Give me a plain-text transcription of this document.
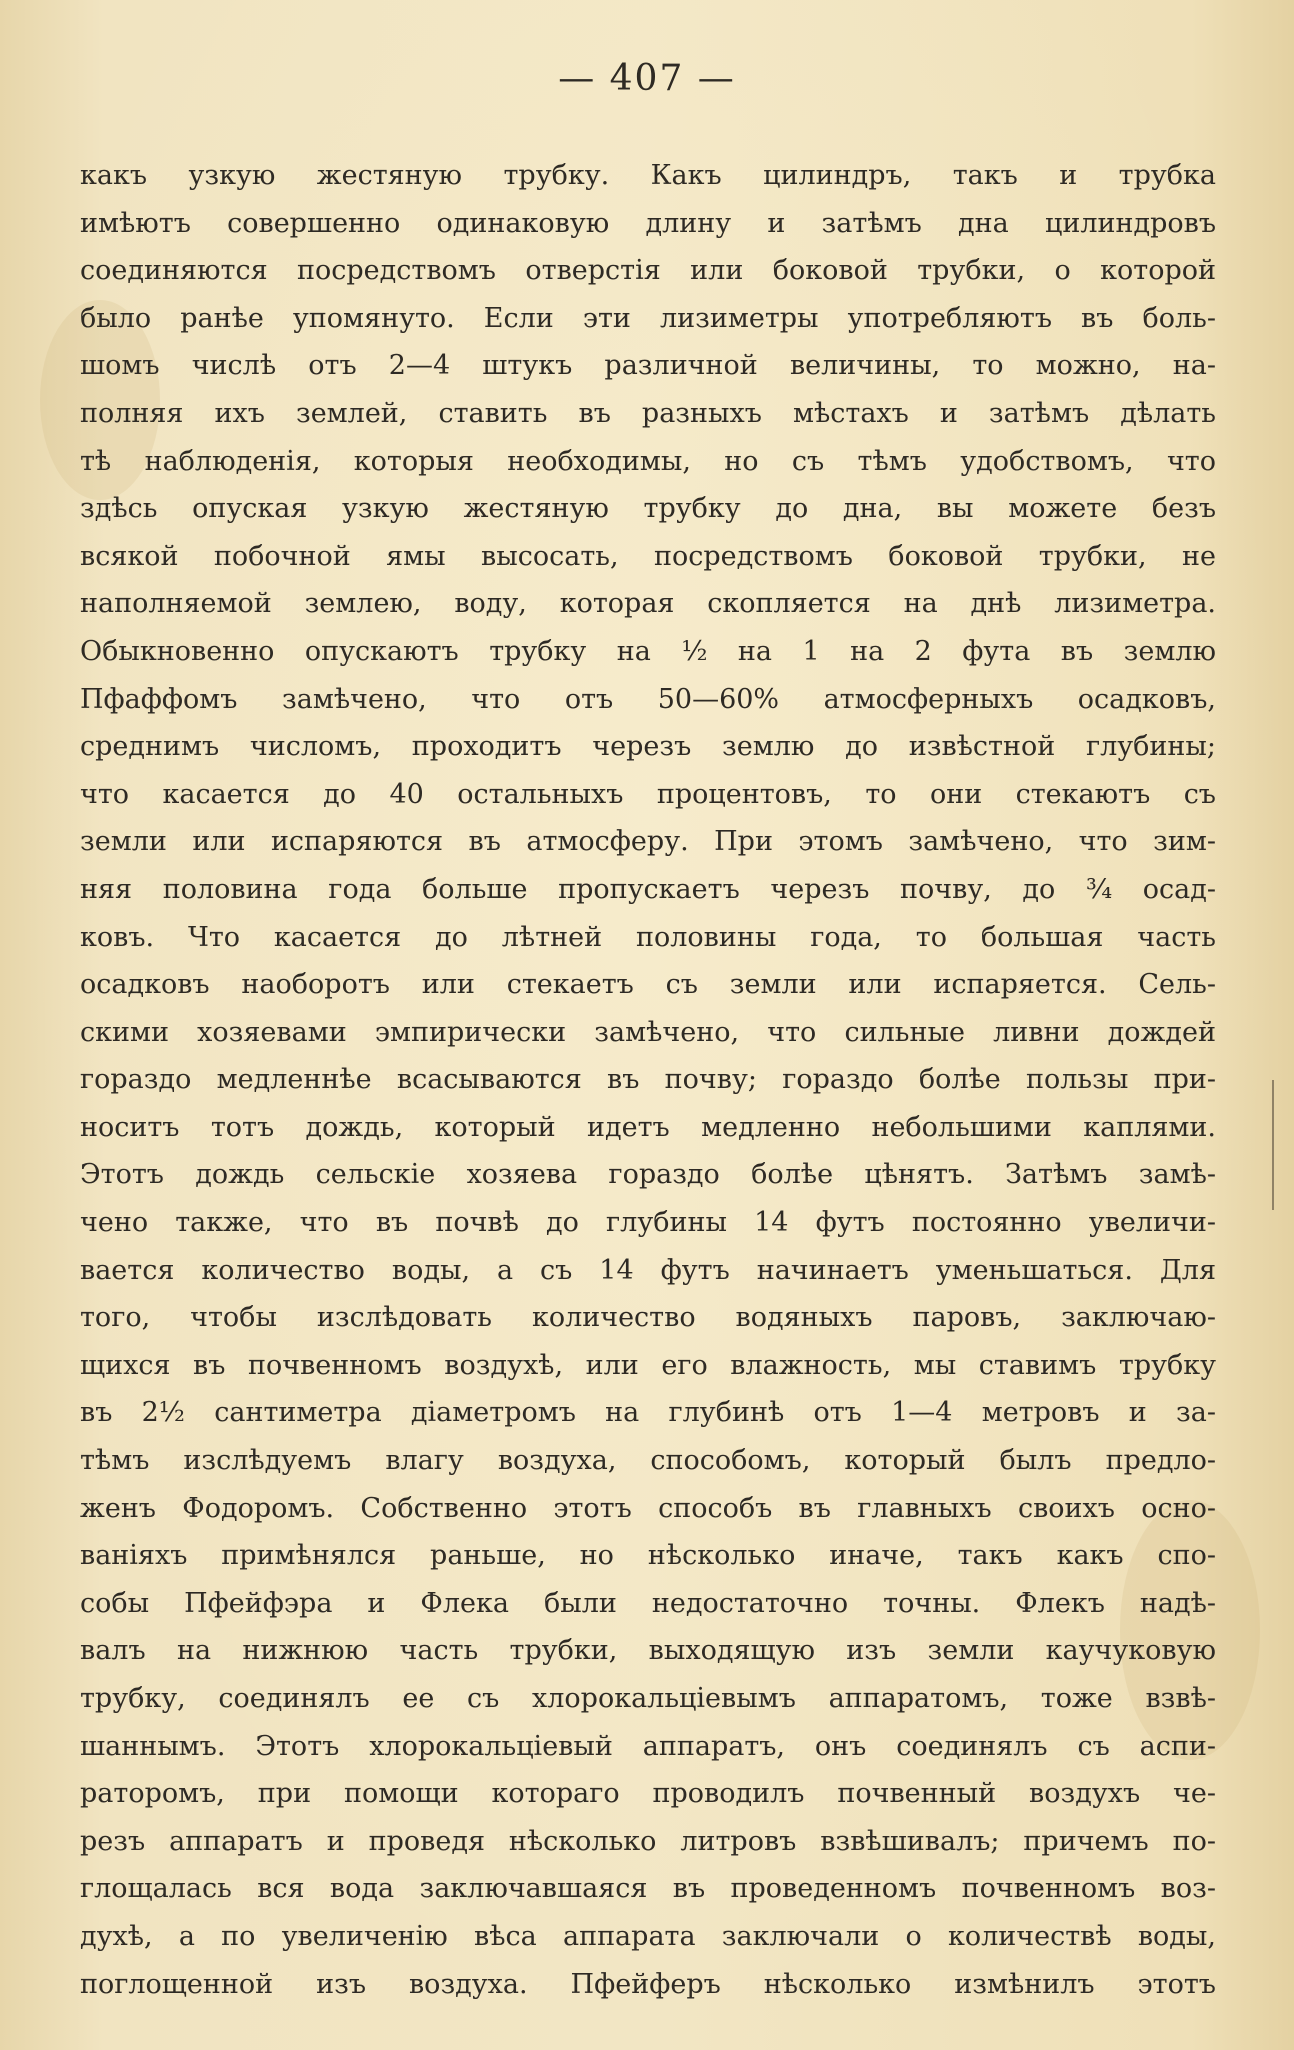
— 407 —
какъ узкую жестяную трубку. Какъ цилиндръ, такъ и трубка
имѣютъ совершенно одинаковую длину и затѣмъ дна цилиндровъ
соединяются посредствомъ отверстія или боковой трубки, о которой
было ранѣе упомянуто. Если эти лизиметры употребляютъ въ боль-
шомъ числѣ отъ 2—4 штукъ различной величины, то можно, на-
полняя ихъ землей, ставить въ разныхъ мѣстахъ и затѣмъ дѣлать
тѣ наблюденія, которыя необходимы, но съ тѣмъ удобствомъ, что
здѣсь опуская узкую жестяную трубку до дна, вы можете безъ
всякой побочной ямы высосать, посредствомъ боковой трубки, не
наполняемой землею, воду, которая скопляется на днѣ лизиметра.
Обыкновенно опускаютъ трубку на ½ на 1 на 2 фута въ землю
Пфаффомъ замѣчено, что отъ 50—60% атмосферныхъ осадковъ,
среднимъ числомъ, проходитъ черезъ землю до извѣстной глубины;
что касается до 40 остальныхъ процентовъ, то они стекаютъ съ
земли или испаряются въ атмосферу. При этомъ замѣчено, что зим-
няя половина года больше пропускаетъ черезъ почву, до ¾ осад-
ковъ. Что касается до лѣтней половины года, то большая часть
осадковъ наоборотъ или стекаетъ съ земли или испаряется. Сель-
скими хозяевами эмпирически замѣчено, что сильные ливни дождей
гораздо медленнѣе всасываются въ почву; гораздо болѣе пользы при-
носитъ тотъ дождь, который идетъ медленно небольшими каплями.
Этотъ дождь сельскіе хозяева гораздо болѣе цѣнятъ. Затѣмъ замѣ-
чено также, что въ почвѣ до глубины 14 футъ постоянно увеличи-
вается количество воды, а съ 14 футъ начинаетъ уменьшаться. Для
того, чтобы изслѣдовать количество водяныхъ паровъ, заключаю-
щихся въ почвенномъ воздухѣ, или его влажность, мы ставимъ трубку
въ 2½ сантиметра діаметромъ на глубинѣ отъ 1—4 метровъ и за-
тѣмъ изслѣдуемъ влагу воздуха, способомъ, который былъ предло-
женъ Фодоромъ. Собственно этотъ способъ въ главныхъ своихъ осно-
ваніяхъ примѣнялся раньше, но нѣсколько иначе, такъ какъ спо-
собы Пфейфэра и Флека были недостаточно точны. Флекъ надѣ-
валъ на нижнюю часть трубки, выходящую изъ земли каучуковую
трубку, соединялъ ее съ хлорокальціевымъ аппаратомъ, тоже взвѣ-
шаннымъ. Этотъ хлорокальціевый аппаратъ, онъ соединялъ съ аспи-
раторомъ, при помощи котораго проводилъ почвенный воздухъ че-
резъ аппаратъ и проведя нѣсколько литровъ взвѣшивалъ; причемъ по-
глощалась вся вода заключавшаяся въ проведенномъ почвенномъ воз-
духѣ, а по увеличенію вѣса аппарата заключали о количествѣ воды,
поглощенной изъ воздуха. Пфейферъ нѣсколько измѣнилъ этотъ
